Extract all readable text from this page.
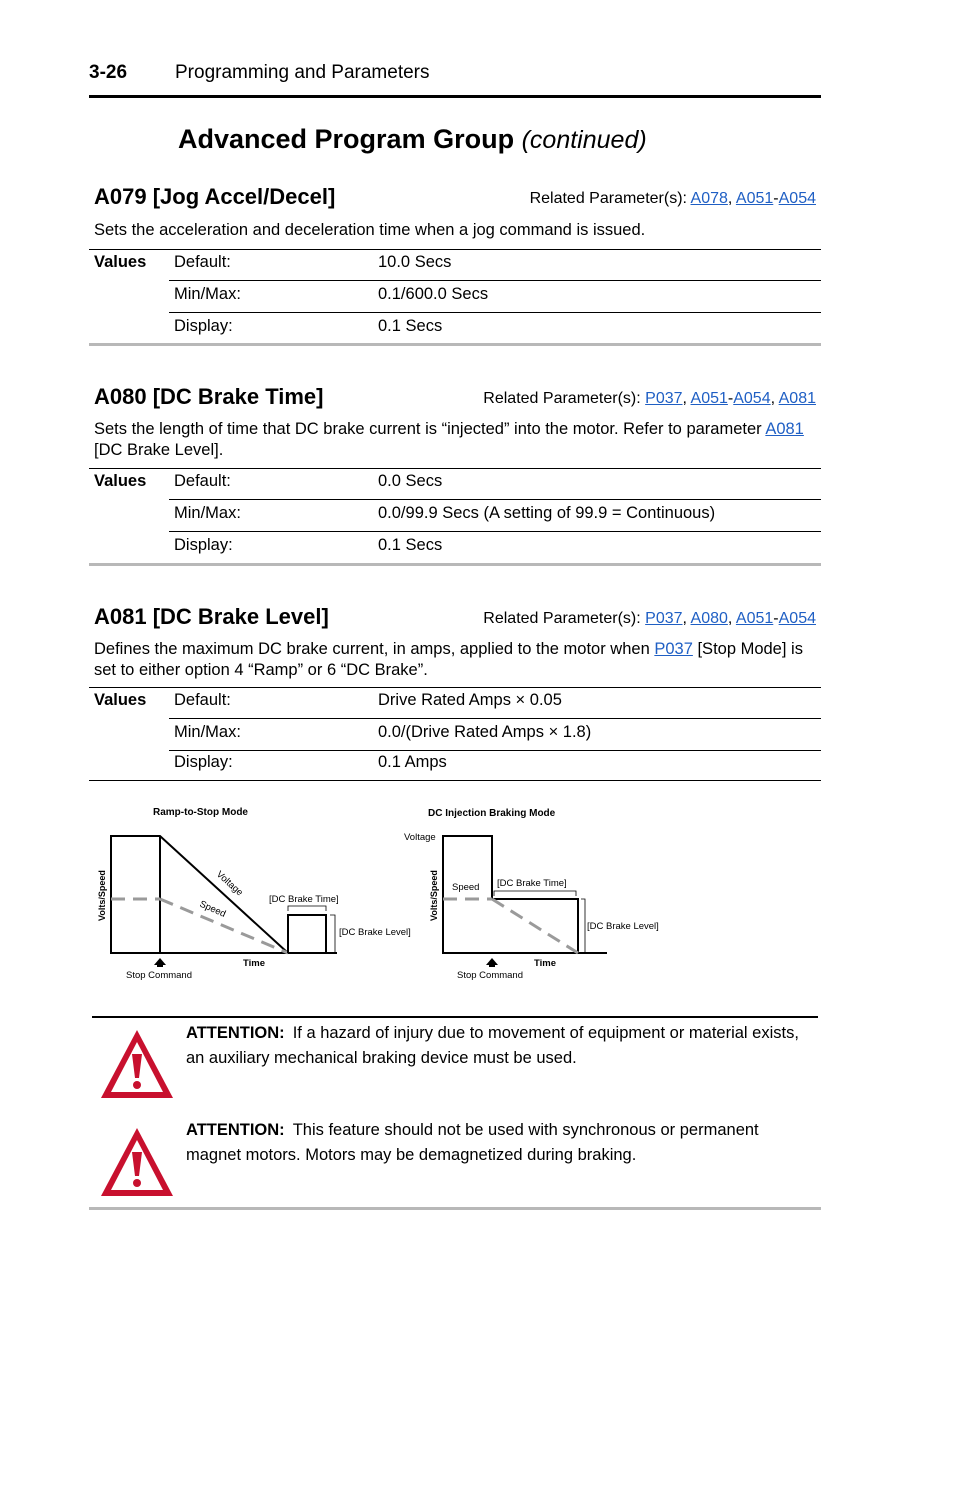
3-26	Programming and Parameters
Advanced Program Group (continued)
A079 [Jog Accel/Decel]	Related Parameter(s): A078, A051-A054
Sets the acceleration and deceleration time when a jog command is issued.
Values Default:	10.0 Secs
Min/Max:	0.1/600.0 Secs
Display:	0.1 Secs
A080 [DC Brake Time]	Related Parameter(s): P037, A051-A054, A081
Sets the length of time that DC brake current is “injected” into the motor. Refer to parameter A081 [DC Brake Level].
Values Default:	0.0 Secs
Min/Max:	0.0/99.9 Secs (A setting of 99.9 = Continuous)
Display:	0.1 Secs
A081 [DC Brake Level]	Related Parameter(s): P037, A080, A051-A054
Defines the maximum DC brake current, in amps, applied to the motor when P037 [Stop Mode] is set to either option 4 “Ramp” or 6 “DC Brake”.
Values Default:	Drive Rated Amps × 0.05
Min/Max:	0.0/(Drive Rated Amps × 1.8)
Display:	0.1 Amps
Ramp-to-Stop Mode
Volts/Speed	[DC Brake Time]
[DC Brake Level]
Voltage
Speed
Time
Stop Command
DC Injection Braking Mode
Voltage
Volts/Speed Speed [DC Brake Time]
[DC Brake Level]
Time
Stop Command
ATTENTION: If a hazard of injury due to movement of equipment or material exists, an auxiliary mechanical braking device must be used.
ATTENTION: This feature should not be used with synchronous or permanent magnet motors. Motors may be demagnetized during braking.
